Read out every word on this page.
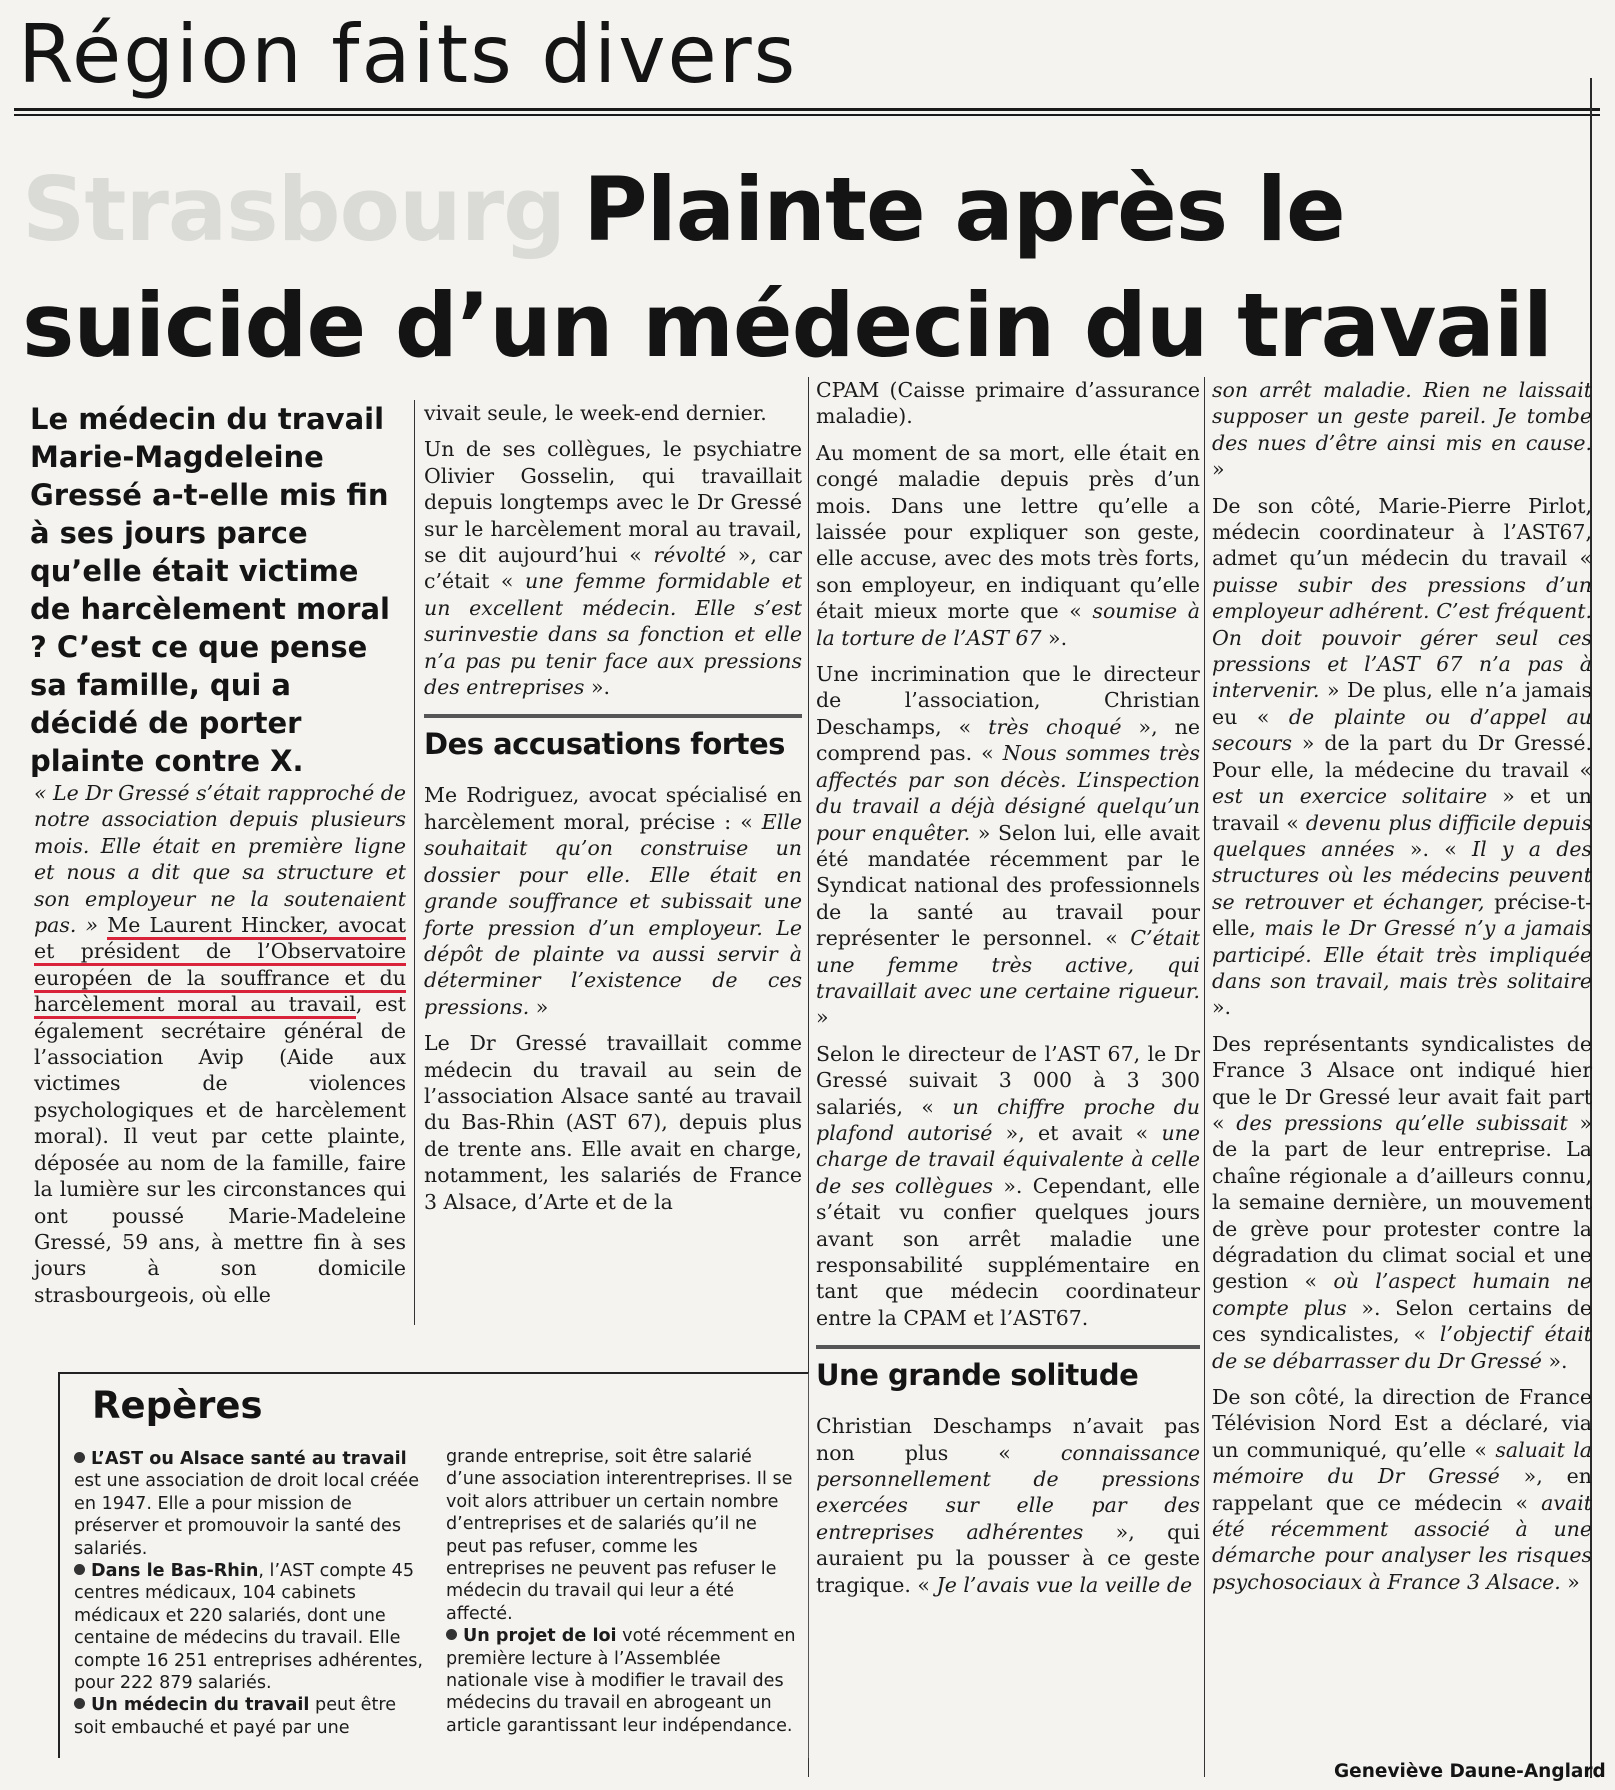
Région faits divers
Strasbourg Plainte après le
suicide d’un médecin du travail
Le médecin du travail Marie-Magdeleine Gressé a-t-elle mis fin à ses jours parce qu’elle était victime de harcèlement moral ? C’est ce que pense sa famille, qui a décidé de porter plainte contre X.

« Le Dr Gressé s’était rapproché de notre association depuis plusieurs mois. Elle était en première ligne et nous a dit que sa structure et son employeur ne la soutenaient pas. » Me Laurent Hincker, avocat et président de l’Observatoire européen de la souffrance et du harcèlement moral au travail, est également secrétaire général de l’association Avip (Aide aux victimes de violences psychologiques et de harcèlement moral). Il veut par cette plainte, déposée au nom de la famille, faire la lumière sur les circonstances qui ont poussé Marie-Madeleine Gressé, 59 ans, à mettre fin à ses jours à son domicile strasbourgeois, où elle

vivait seule, le week-end dernier.

Un de ses collègues, le psychiatre Olivier Gosselin, qui travaillait depuis longtemps avec le Dr Gressé sur le harcèlement moral au travail, se dit aujourd’hui « révolté », car c’était « une femme formidable et un excellent médecin. Elle s’est surinvestie dans sa fonction et elle n’a pas pu tenir face aux pressions des entreprises ».

Des accusations fortes

Me Rodriguez, avocat spécialisé en harcèlement moral, précise : « Elle souhaitait qu’on construise un dossier pour elle. Elle était en grande souffrance et subissait une forte pression d’un employeur. Le dépôt de plainte va aussi servir à déterminer l’existence de ces pressions. »

Le Dr Gressé travaillait comme médecin du travail au sein de l’association Alsace santé au travail du Bas-Rhin (AST 67), depuis plus de trente ans. Elle avait en charge, notamment, les salariés de France 3 Alsace, d’Arte et de la

CPAM (Caisse primaire d’assurance maladie).

Au moment de sa mort, elle était en congé maladie depuis près d’un mois. Dans une lettre qu’elle a laissée pour expliquer son geste, elle accuse, avec des mots très forts, son employeur, en indiquant qu’elle était mieux morte que « soumise à la torture de l’AST 67 ».

Une incrimination que le directeur de l’association, Christian Deschamps, « très choqué », ne comprend pas. « Nous sommes très affectés par son décès. L’inspection du travail a déjà désigné quelqu’un pour enquêter. » Selon lui, elle avait été mandatée récemment par le Syndicat national des professionnels de la santé au travail pour représenter le personnel. « C’était une femme très active, qui travaillait avec une certaine rigueur. »

Selon le directeur de l’AST 67, le Dr Gressé suivait 3 000 à 3 300 salariés, « un chiffre proche du plafond autorisé », et avait « une charge de travail équivalente à celle de ses collègues ». Cependant, elle s’était vu confier quelques jours avant son arrêt maladie une responsabilité supplémentaire en tant que médecin coordinateur entre la CPAM et l’AST67.

Une grande solitude

Christian Deschamps n’avait pas non plus « connaissance personnellement de pressions exercées sur elle par des entreprises adhérentes », qui auraient pu la pousser à ce geste tragique. « Je l’avais vue la veille de

son arrêt maladie. Rien ne laissait supposer un geste pareil. Je tombe des nues d’être ainsi mis en cause. »

De son côté, Marie-Pierre Pirlot, médecin coordinateur à l’AST67, admet qu’un médecin du travail « puisse subir des pressions d’un employeur adhérent. C’est fréquent. On doit pouvoir gérer seul ces pressions et l’AST 67 n’a pas à intervenir. » De plus, elle n’a jamais eu « de plainte ou d’appel au secours » de la part du Dr Gressé. Pour elle, la médecine du travail « est un exercice solitaire » et un travail « devenu plus difficile depuis quelques années ». « Il y a des structures où les médecins peuvent se retrouver et échanger, précise-t-elle, mais le Dr Gressé n’y a jamais participé. Elle était très impliquée dans son travail, mais très solitaire ».

Des représentants syndicalistes de France 3 Alsace ont indiqué hier que le Dr Gressé leur avait fait part « des pressions qu’elle subissait » de la part de leur entreprise. La chaîne régionale a d’ailleurs connu, la semaine dernière, un mouvement de grève pour protester contre la dégradation du climat social et une gestion « où l’aspect humain ne compte plus ». Selon certains de ces syndicalistes, « l’objectif était de se débarrasser du Dr Gressé ».

De son côté, la direction de France Télévision Nord Est a déclaré, via un communiqué, qu’elle « saluait la mémoire du Dr Gressé », en rappelant que ce médecin « avait été récemment associé à une démarche pour analyser les risques psychosociaux à France 3 Alsace. »

Geneviève Daune-Anglard
Repères

L’AST ou Alsace santé au travail est une association de droit local créée en 1947. Elle a pour mission de préserver et promouvoir la santé des salariés.

Dans le Bas-Rhin, l’AST compte 45 centres médicaux, 104 cabinets médicaux et 220 salariés, dont une centaine de médecins du travail. Elle compte 16 251 entreprises adhérentes, pour 222 879 salariés.

Un médecin du travail peut être soit embauché et payé par une

grande entreprise, soit être salarié d’une association interentreprises. Il se voit alors attribuer un certain nombre d’entreprises et de salariés qu’il ne peut pas refuser, comme les entreprises ne peuvent pas refuser le médecin du travail qui leur a été affecté.

Un projet de loi voté récemment en première lecture à l’Assemblée nationale vise à modifier le travail des médecins du travail en abrogeant un article garantissant leur indépendance.
